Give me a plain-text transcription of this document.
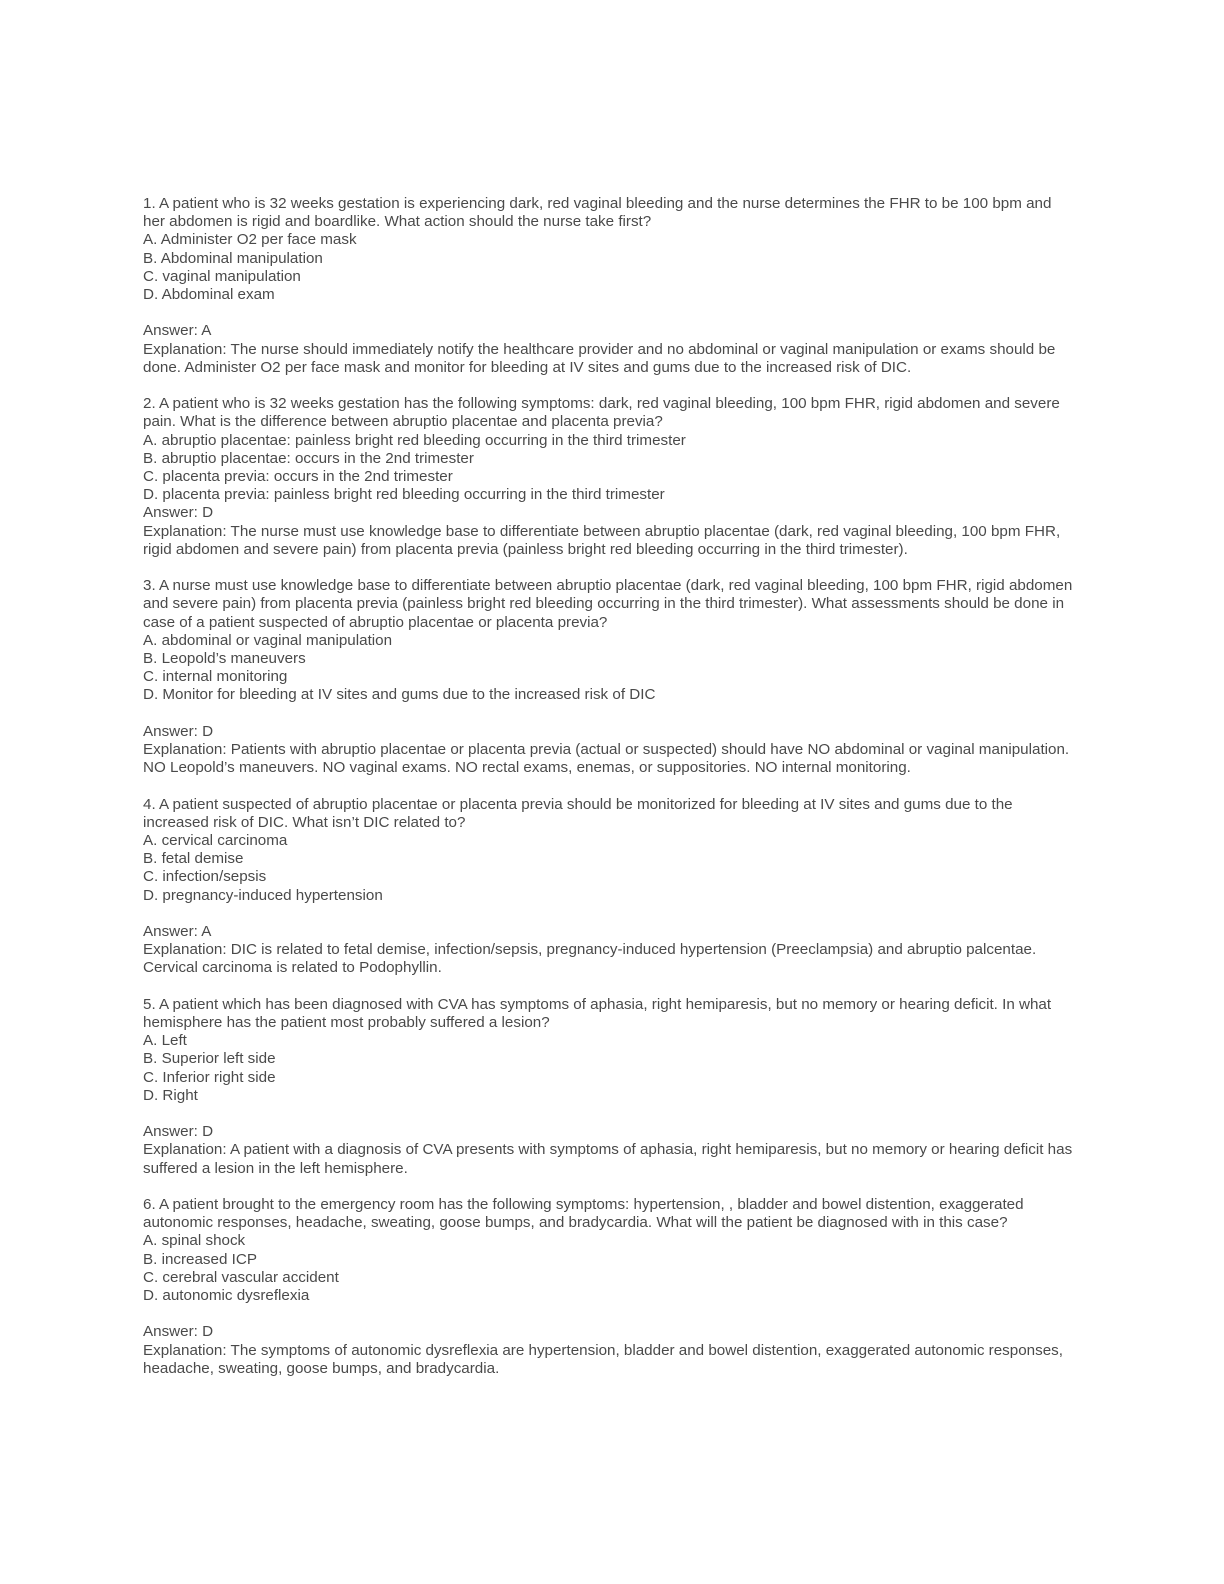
1. A patient who is 32 weeks gestation is experiencing dark, red vaginal bleeding and the nurse determines the FHR to be 100 bpm and her abdomen is rigid and boardlike. What action should the nurse take first?
A. Administer O2 per face mask
B. Abdominal manipulation
C. vaginal manipulation
D. Abdominal exam
Answer: A
Explanation: The nurse should immediately notify the healthcare provider and no abdominal or vaginal manipulation or exams should be done. Administer O2 per face mask and monitor for bleeding at IV sites and gums due to the increased risk of DIC.
2. A patient who is 32 weeks gestation has the following symptoms: dark, red vaginal bleeding, 100 bpm FHR, rigid abdomen and severe pain. What is the difference between abruptio placentae and placenta previa?
A. abruptio placentae: painless bright red bleeding occurring in the third trimester
B. abruptio placentae: occurs in the 2nd trimester
C. placenta previa: occurs in the 2nd trimester
D. placenta previa: painless bright red bleeding occurring in the third trimester
Answer: D
Explanation: The nurse must use knowledge base to differentiate between abruptio placentae (dark, red vaginal bleeding, 100 bpm FHR, rigid abdomen and severe pain) from placenta previa (painless bright red bleeding occurring in the third trimester).
3. A nurse must use knowledge base to differentiate between abruptio placentae (dark, red vaginal bleeding, 100 bpm FHR, rigid abdomen and severe pain) from placenta previa (painless bright red bleeding occurring in the third trimester). What assessments should be done in case of a patient suspected of abruptio placentae or placenta previa?
A. abdominal or vaginal manipulation
B. Leopold’s maneuvers
C. internal monitoring
D. Monitor for bleeding at IV sites and gums due to the increased risk of DIC
Answer: D
Explanation: Patients with abruptio placentae or placenta previa (actual or suspected) should have NO abdominal or vaginal manipulation. NO Leopold’s maneuvers. NO vaginal exams. NO rectal exams, enemas, or suppositories. NO internal monitoring.
4. A patient suspected of abruptio placentae or placenta previa should be monitorized for bleeding at IV sites and gums due to the increased risk of DIC. What isn’t DIC related to?
A. cervical carcinoma
B. fetal demise
C. infection/sepsis
D. pregnancy-induced hypertension
Answer: A
Explanation: DIC is related to fetal demise, infection/sepsis, pregnancy-induced hypertension (Preeclampsia) and abruptio palcentae. Cervical carcinoma is related to Podophyllin.
5. A patient which has been diagnosed with CVA has symptoms of aphasia, right hemiparesis, but no memory or hearing deficit. In what hemisphere has the patient most probably suffered a lesion?
A. Left
B. Superior left side
C. Inferior right side
D. Right
Answer: D
Explanation: A patient with a diagnosis of CVA presents with symptoms of aphasia, right hemiparesis, but no memory or hearing deficit has suffered a lesion in the left hemisphere.
6. A patient brought to the emergency room has the following symptoms: hypertension, , bladder and bowel distention, exaggerated autonomic responses, headache, sweating, goose bumps, and bradycardia. What will the patient be diagnosed with in this case?
A. spinal shock
B. increased ICP
C. cerebral vascular accident
D. autonomic dysreflexia
Answer: D
Explanation: The symptoms of autonomic dysreflexia are hypertension, bladder and bowel distention, exaggerated autonomic responses, headache, sweating, goose bumps, and bradycardia.
